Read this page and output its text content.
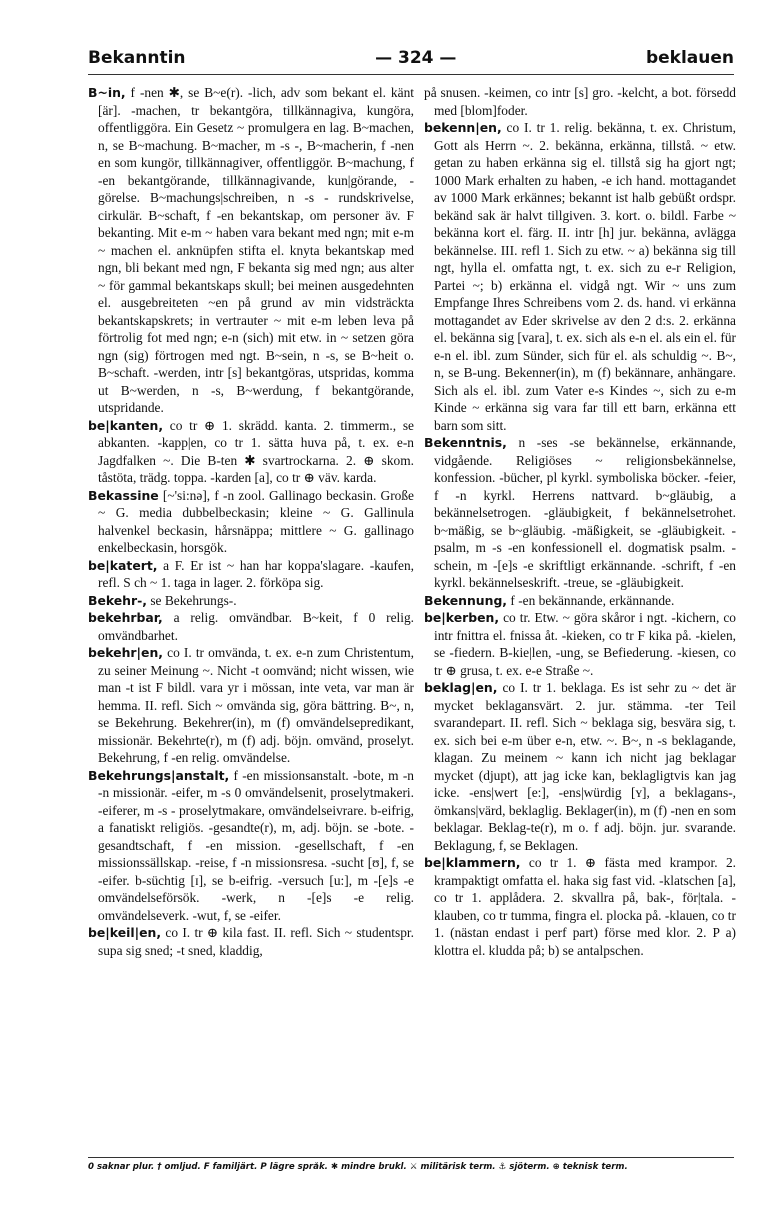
Bekanntin	— 324 —	beklauen

B~in, f -nen ✱, se B~e(r). -lich, adv som bekant el. känt [är]. -machen, tr bekantgöra, tillkännagiva, kungöra, offentliggöra. Ein Gesetz ~ promulgera en lag. B~machen, n, se B~machung. B~macher, m -s -, B~macherin, f -nen en som kungör, tillkännagiver, offentliggör. B~machung, f -en bekantgörande, tillkännagivande, kun|görande, -görelse. B~machungs|schreiben, n -s - rundskrivelse, cirkulär. B~schaft, f -en bekantskap, om personer äv. F bekanting. Mit e-m ~ haben vara bekant med ngn; mit e-m ~ machen el. anknüpfen stifta el. knyta bekantskap med ngn, bli bekant med ngn, F bekanta sig med ngn; aus alter ~ för gammal bekantskaps skull; bei meinen ausgedehnten el. ausgebreiteten ~en på grund av min vidsträckta bekantskapskrets; in vertrauter ~ mit e-m leben leva på förtrolig fot med ngn; e-n (sich) mit etw. in ~ setzen göra ngn (sig) förtrogen med ngt. B~sein, n -s, se B~heit o. B~schaft. -werden, intr [s] bekantgöras, utspridas, komma ut B~werden, n -s, B~werdung, f bekantgörande, utspridande.

be|kanten, co tr ⊕ 1. skrädd. kanta. 2. timmerm., se abkanten. -kapp|en, co tr 1. sätta huva på, t. ex. e-n Jagdfalken ~. Die B-ten ✱ svartrockarna. 2. ⊕ skom. tåstöta, trädg. toppa. -karden [a], co tr ⊕ väv. karda.

Bekassine [~'si:nə], f -n zool. Gallinago beckasin. Große ~ G. media dubbelbeckasin; kleine ~ G. Gallinula halvenkel beckasin, hårsnäppa; mittlere ~ G. gallinago enkelbeckasin, horsgök.

be|katert, a F. Er ist ~ han har koppa'slagare. -kaufen, refl. S ch ~ 1. taga in lager. 2. förköpa sig.

Bekehr-, se Bekehrungs-.

bekehrbar, a relig. omvändbar. B~keit, f 0 relig. omvändbarhet.

bekehr|en, co I. tr omvända, t. ex. e-n zum Christentum, zu seiner Meinung ~. Nicht -t oomvänd; nicht wissen, wie man -t ist F bildl. vara yr i mössan, inte veta, var man är hemma. II. refl. Sich ~ omvända sig, göra bättring. B~, n, se Bekehrung. Bekehrer(in), m (f) omvändelsepredikant, missionär. Bekehrte(r), m (f) adj. böjn. omvänd, proselyt. Bekehrung, f -en relig. omvändelse.

Bekehrungs|anstalt, f -en missionsanstalt. -bote, m -n -n missionär. -eifer, m -s 0 omvändelsenit, proselytmakeri. -eiferer, m -s - proselytmakare, omvändelseivrare. b-eifrig, a fanatiskt religiös. -gesandte(r), m, adj. böjn. se -bote. -gesandtschaft, f -en mission. -gesellschaft, f -en missionssällskap. -reise, f -n missionsresa. -sucht [ʊ], f, se -eifer. b-süchtig [ɪ], se b-eifrig. -versuch [u:], m -[e]s -e omvändelseförsök. -werk, n -[e]s -e relig. omvändelseverk. -wut, f, se -eifer.

be|keil|en, co I. tr ⊕ kila fast. II. refl. Sich ~ studentspr. supa sig sned; -t sned, kladdig,

på snusen. -keimen, co intr [s] gro. -kelcht, a bot. försedd med [blom]foder.

bekenn|en, co I. tr 1. relig. bekänna, t. ex. Christum, Gott als Herrn ~. 2. bekänna, erkänna, tillstå. ~ etw. getan zu haben erkänna sig el. tillstå sig ha gjort ngt; 1000 Mark erhalten zu haben, -e ich hand. mottagandet av 1000 Mark erkännes; bekannt ist halb gebüßt ordspr. bekänd sak är halvt tillgiven. 3. kort. o. bildl. Farbe ~ bekänna kort el. färg. II. intr [h] jur. bekänna, avlägga bekännelse. III. refl 1. Sich zu etw. ~ a) bekänna sig till ngt, hylla el. omfatta ngt, t. ex. sich zu e-r Religion, Partei ~; b) erkänna el. vidgå ngt. Wir ~ uns zum Empfange Ihres Schreibens vom 2. ds. hand. vi erkänna mottagandet av Eder skrivelse av den 2 d:s. 2. erkänna el. bekänna sig [vara], t. ex. sich als e-n el. als ein el. für e-n el. ibl. zum Sünder, sich für el. als schuldig ~. B~, n, se B-ung. Bekenner(in), m (f) bekännare, anhängare. Sich als el. ibl. zum Vater e-s Kindes ~, sich zu e-m Kinde ~ erkänna sig vara far till ett barn, erkänna ett barn som sitt.

Bekenntnis, n -ses -se bekännelse, erkännande, vidgående. Religiöses ~ religionsbekännelse, konfession. -bücher, pl kyrkl. symboliska böcker. -feier, f -n kyrkl. Herrens nattvard. b~gläubig, a bekännelsetrogen. -gläubigkeit, f bekännelsetrohet. b~mäßig, se b~gläubig. -mäßigkeit, se -gläubigkeit. -psalm, m -s -en konfessionell el. dogmatisk psalm. -schein, m -[e]s -e skriftligt erkännande. -schrift, f -en kyrkl. bekännelseskrift. -treue, se -gläubigkeit.

Bekennung, f -en bekännande, erkännande.

be|kerben, co tr. Etw. ~ göra skåror i ngt. -kichern, co intr fnittra el. fnissa åt. -kieken, co tr F kika på. -kielen, se -fiedern. B-kie|len, -ung, se Befiederung. -kiesen, co tr ⊕ grusa, t. ex. e-e Straße ~.

beklag|en, co I. tr 1. beklaga. Es ist sehr zu ~ det är mycket beklagansvärt. 2. jur. stämma. -ter Teil svarandepart. II. refl. Sich ~ beklaga sig, besvära sig, t. ex. sich bei e-m über e-n, etw. ~. B~, n -s beklagande, klagan. Zu meinem ~ kann ich nicht jag beklagar mycket (djupt), att jag icke kan, beklagligtvis kan jag icke. -ens|wert [e:], -ens|würdig [ʏ], a beklagans-, ömkans|värd, beklaglig. Beklager(in), m (f) -nen en som beklagar. Beklag-te(r), m o. f adj. böjn. jur. svarande. Beklagung, f, se Beklagen.

be|klammern, co tr 1. ⊕ fästa med krampor. 2. krampaktigt omfatta el. haka sig fast vid. -klatschen [a], co tr 1. applådera. 2. skvallra på, bak-, för|tala. -klauben, co tr tumma, fingra el. plocka på. -klauen, co tr 1. (nästan endast i perf part) förse med klor. 2. P a) klottra el. kludda på; b) se antalpschen.

0 saknar plur. † omljud. F familjärt. P lägre språk. ✱ mindre brukl. ⚔ militärisk term. ⚓ sjöterm. ⊕ teknisk term.
